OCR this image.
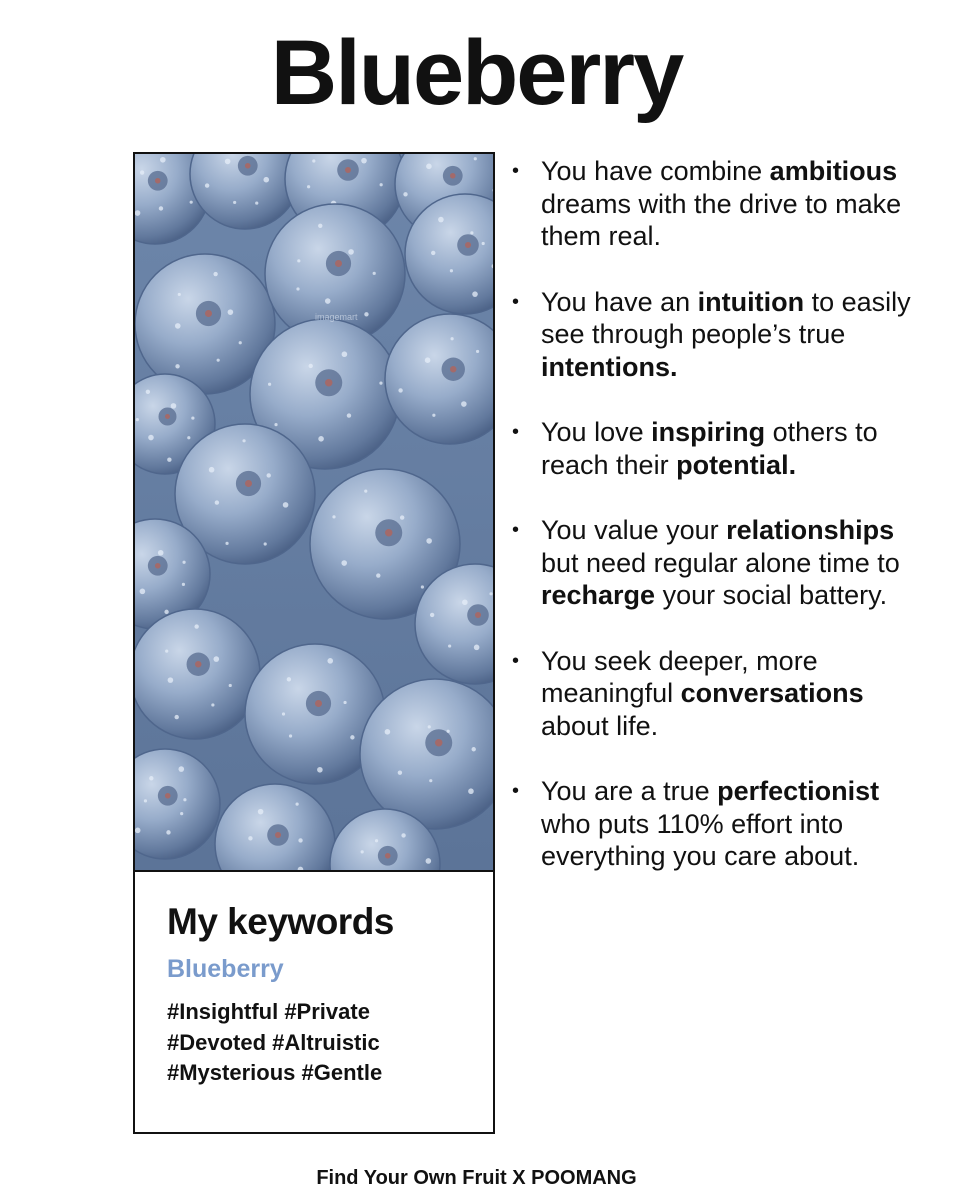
Blueberry
imagemart
My keywords
Blueberry
#Insightful #Private
#Devoted #Altruistic
#Mysterious #Gentle
• You have combine ambitious dreams with the drive to make them real.
• You have an intuition to easily see through people’s true intentions.
• You love inspiring others to reach their potential.
• You value your relationships but need regular alone time to recharge your social battery.
• You seek deeper, more meaningful conversations about life.
• You are a true perfectionist who puts 110% effort into everything you care about.
Find Your Own Fruit X POOMANG
